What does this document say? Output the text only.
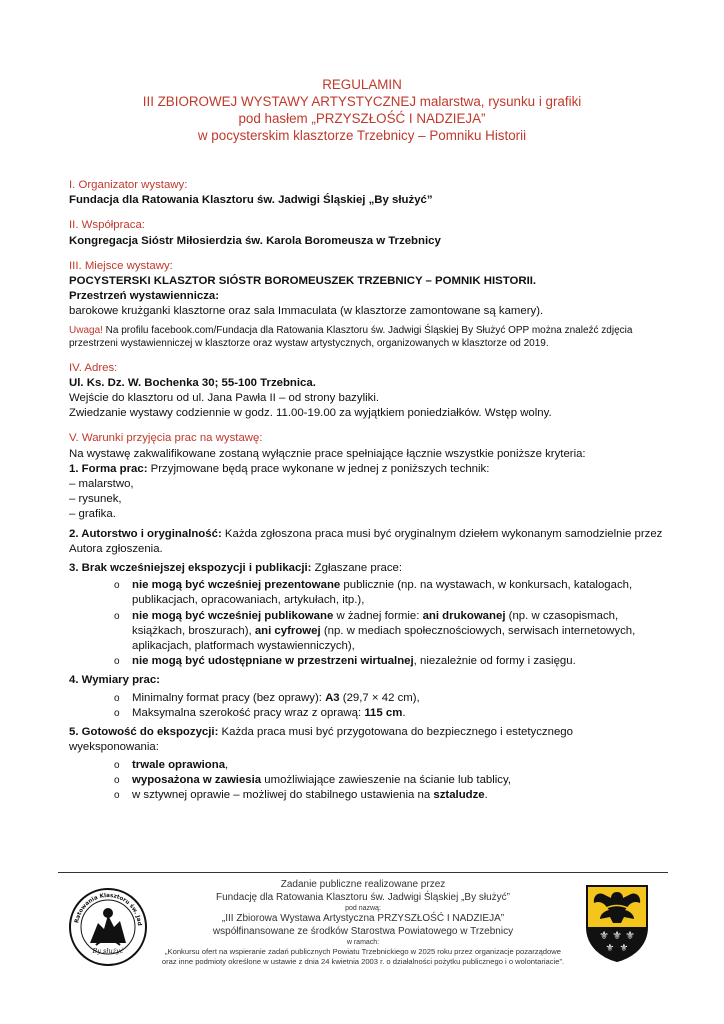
REGULAMIN
III ZBIOROWEJ WYSTAWY ARTYSTYCZNEJ malarstwa, rysunku i grafiki
pod hasłem „PRZYSZŁOŚĆ I NADZIEJA”
w pocysterskim klasztorze Trzebnicy – Pomniku Historii
I. Organizator wystawy:
Fundacja dla Ratowania Klasztoru św. Jadwigi Śląskiej „By służyć”
II. Współpraca:
Kongregacja Sióstr Miłosierdzia św. Karola Boromeusza w Trzebnicy
III. Miejsce wystawy:
POCYSTERSKI KLASZTOR SIÓSTR BOROMEUSZEK TRZEBNICY – POMNIK HISTORII.
Przestrzeń wystawiennicza:
barokowe krużganki klasztorne oraz sala Immaculata (w klasztorze zamontowane są kamery).
Uwaga! Na profilu facebook.com/Fundacja dla Ratowania Klasztoru św. Jadwigi Śląskiej By Służyć OPP można znaleźć zdjęcia przestrzeni wystawienniczej w klasztorze oraz wystaw artystycznych, organizowanych w klasztorze od 2019.
IV. Adres:
Ul. Ks. Dz. W. Bochenka 30; 55-100 Trzebnica.
Wejście do klasztoru od ul. Jana Pawła II – od strony bazyliki.
Zwiedzanie wystawy codziennie w godz. 11.00-19.00 za wyjątkiem poniedziałków. Wstęp wolny.
V. Warunki przyjęcia prac na wystawę:
Na wystawę zakwalifikowane zostaną wyłącznie prace spełniające łącznie wszystkie poniższe kryteria:
1. Forma prac: Przyjmowane będą prace wykonane w jednej z poniższych technik:
– malarstwo,
– rysunek,
– grafika.
2. Autorstwo i oryginalność: Każda zgłoszona praca musi być oryginalnym dziełem wykonanym samodzielnie przez Autora zgłoszenia.
3. Brak wcześniejszej ekspozycji i publikacji: Zgłaszane prace:
o nie mogą być wcześniej prezentowane publicznie (np. na wystawach, w konkursach, katalogach, publikacjach, opracowaniach, artykułach, itp.),
o nie mogą być wcześniej publikowane w żadnej formie: ani drukowanej (np. w czasopismach, książkach, broszurach), ani cyfrowej (np. w mediach społecznościowych, serwisach internetowych, aplikacjach, platformach wystawienniczych),
o nie mogą być udostępniane w przestrzeni wirtualnej, niezależnie od formy i zasięgu.
4. Wymiary prac:
o Minimalny format pracy (bez oprawy): A3 (29,7 × 42 cm),
o Maksymalna szerokość pracy wraz z oprawą: 115 cm.
5. Gotowość do ekspozycji: Każda praca musi być przygotowana do bezpiecznego i estetycznego wyeksponowania:
o trwale oprawiona,
o wyposażona w zawiesia umożliwiające zawieszenie na ścianie lub tablicy,
o w sztywnej oprawie – możliwej do stabilnego ustawienia na sztaludze.
Ratowania Klasztoru św. Jad
By służyć
Zadanie publiczne realizowane przez
Fundację dla Ratowania Klasztoru św. Jadwigi Śląskiej „By służyć”
pod nazwą:
„III Zbiorowa Wystawa Artystyczna PRZYSZŁOŚĆ I NADZIEJA”
współfinansowane ze środków Starostwa Powiatowego w Trzebnicy
w ramach:
„Konkursu ofert na wspieranie zadań publicznych Powiatu Trzebnickiego w 2025 roku przez organizacje pozarządowe oraz inne podmioty określone w ustawie z dnia 24 kwietnia 2003 r. o działalności pożytku publicznego i o wolontariacie”.
⚜ ⚜ ⚜
⚜ ⚜
